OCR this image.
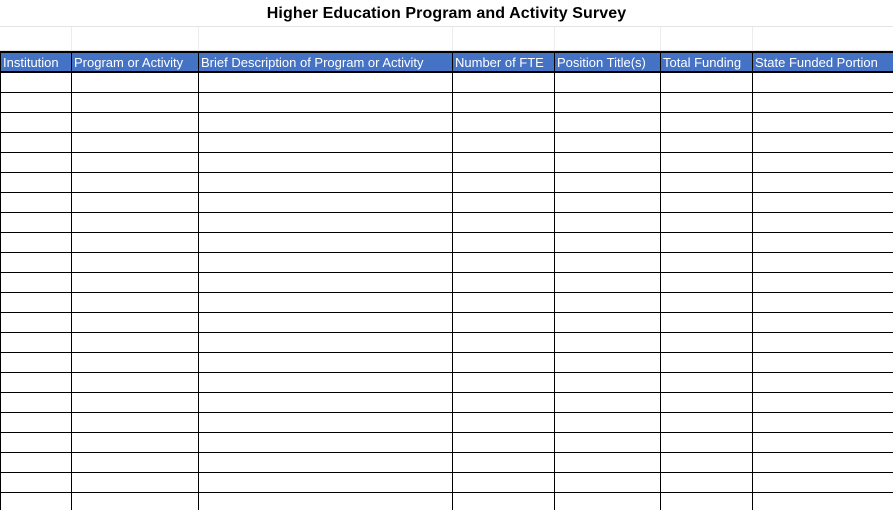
Higher Education Program and Activity Survey
Institution	Program or Activity	Brief Description of Program or Activity	Number of FTE	Position Title(s)	Total Funding	State Funded Portion
